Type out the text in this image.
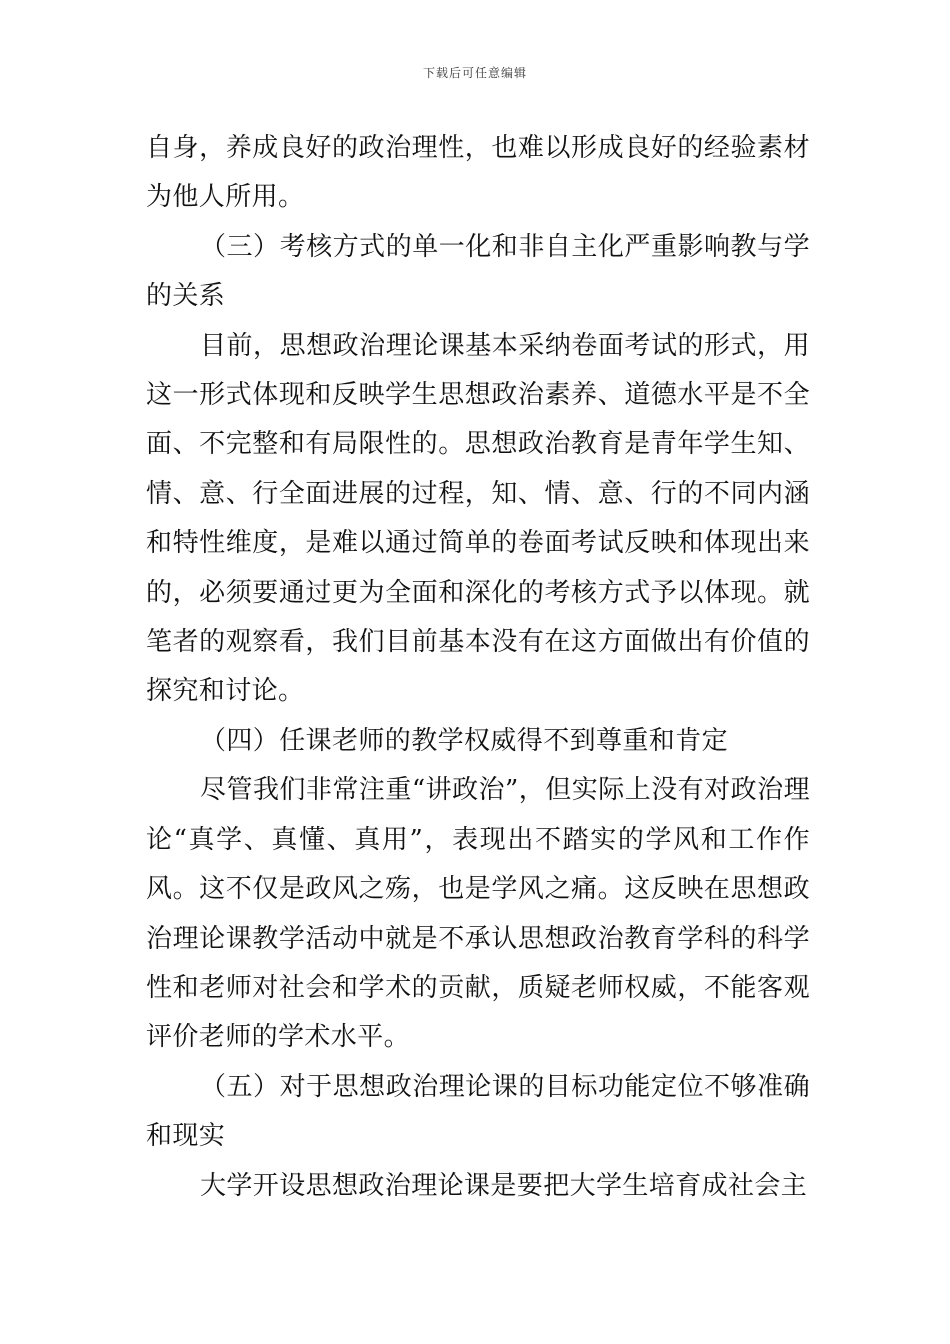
下载后可任意编辑

自身，养成良好的政治理性，也难以形成良好的经验素材为他人所用。

（三）考核方式的单一化和非自主化严重影响教与学的关系

目前，思想政治理论课基本采纳卷面考试的形式，用这一形式体现和反映学生思想政治素养、道德水平是不全面、不完整和有局限性的。思想政治教育是青年学生知、情、意、行全面进展的过程，知、情、意、行的不同内涵和特性维度，是难以通过简单的卷面考试反映和体现出来的，必须要通过更为全面和深化的考核方式予以体现。就笔者的观察看，我们目前基本没有在这方面做出有价值的探究和讨论。

（四）任课老师的教学权威得不到尊重和肯定

尽管我们非常注重“讲政治”，但实际上没有对政治理论“真学、真懂、真用”，表现出不踏实的学风和工作作风。这不仅是政风之殇，也是学风之痛。这反映在思想政治理论课教学活动中就是不承认思想政治教育学科的科学性和老师对社会和学术的贡献，质疑老师权威，不能客观评价老师的学术水平。

（五）对于思想政治理论课的目标功能定位不够准确和现实

大学开设思想政治理论课是要把大学生培育成社会主
